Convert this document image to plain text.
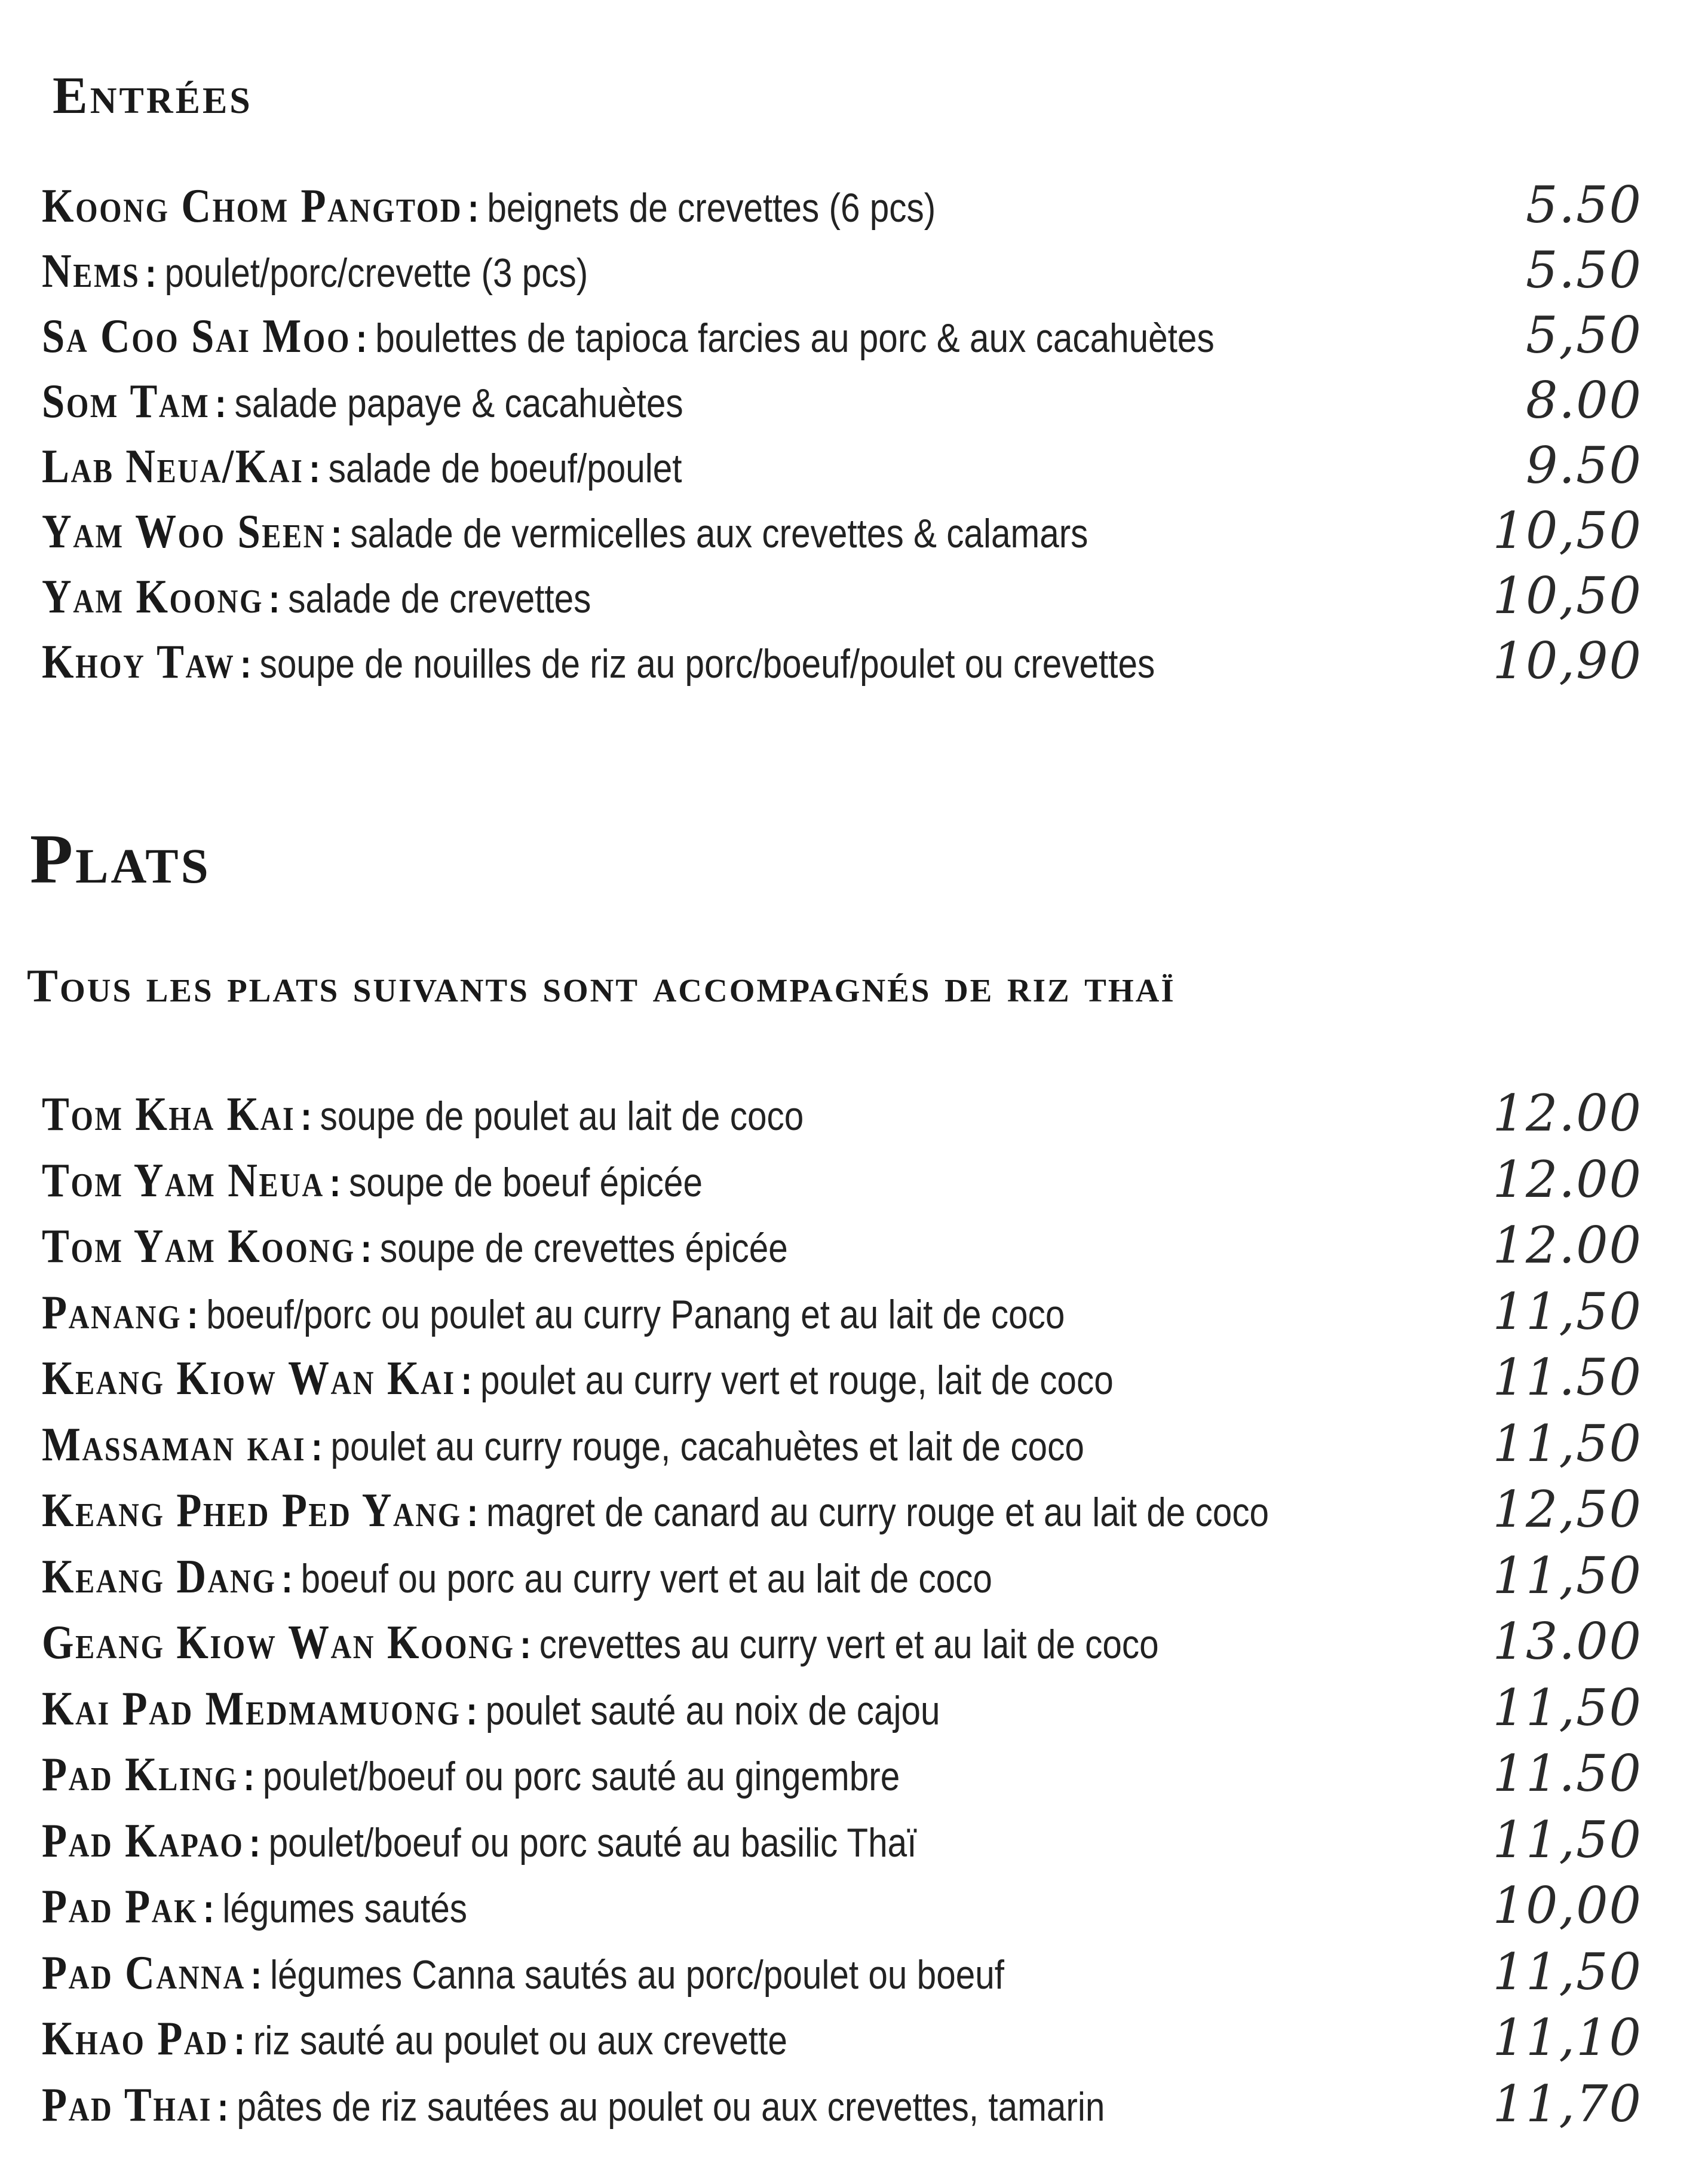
Entrées
Koong Chom Pangtod : beignets de crevettes (6 pcs)	5.50
Nems : poulet/porc/crevette (3 pcs)	5.50
Sa Coo Sai Moo : boulettes de tapioca farcies au porc & aux cacahuètes	5,50
Som Tam : salade papaye & cacahuètes	8.00
Lab Neua/Kai : salade de boeuf/poulet	9.50
Yam Woo Seen : salade de vermicelles aux crevettes & calamars	10,50
Yam Koong : salade de crevettes	10,50
Khoy Taw : soupe de nouilles de riz au porc/boeuf/poulet ou crevettes	10,90
Plats
Tous les plats suivants sont accompagnés de riz thaï
Tom Kha Kai : soupe de poulet au lait de coco	12.00
Tom Yam Neua : soupe de boeuf épicée	12.00
Tom Yam Koong : soupe de crevettes épicée	12.00
Panang : boeuf/porc ou poulet au curry Panang et au lait de coco	11,50
Keang Kiow Wan Kai : poulet au curry vert et rouge, lait de coco	11.50
Massaman kai : poulet au curry rouge, cacahuètes et lait de coco	11,50
Keang Phed Ped Yang : magret de canard au curry rouge et au lait de coco	12,50
Keang Dang : boeuf ou porc au curry vert et au lait de coco	11,50
Geang Kiow Wan Koong : crevettes au curry vert et au lait de coco	13.00
Kai Pad Medmamuong : poulet sauté au noix de cajou	11,50
Pad Kling : poulet/boeuf ou porc sauté au gingembre	11.50
Pad Kapao : poulet/boeuf ou porc sauté au basilic Thaï	11,50
Pad Pak : légumes sautés	10,00
Pad Canna : légumes Canna sautés au porc/poulet ou boeuf	11,50
Khao Pad : riz sauté au poulet ou aux crevette	11,10
Pad Thai : pâtes de riz sautées au poulet ou aux crevettes, tamarin	11,70
